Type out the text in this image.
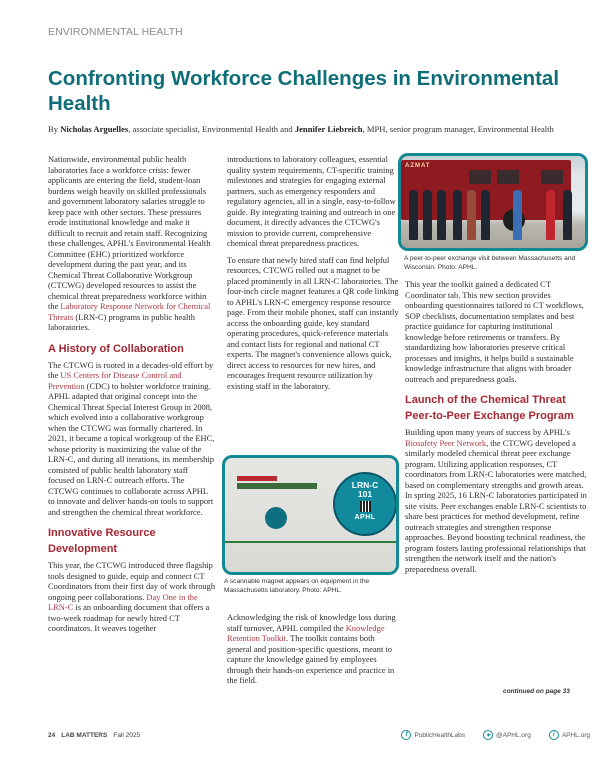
ENVIRONMENTAL HEALTH
Confronting Workforce Challenges in Environmental Health
By Nicholas Arguelles, associate specialist, Environmental Health and Jennifer Liebreich, MPH, senior program manager, Environmental Health

Nationwide, environmental public health laboratories face a workforce crisis: fewer applicants are entering the field, student-loan burdens weigh heavily on skilled professionals and government laboratory salaries struggle to keep pace with other sectors. These pressures erode institutional knowledge and make it difficult to recruit and retain staff. Recognizing these challenges, APHL's Environmental Health Committee (EHC) prioritized workforce development during the past year, and its Chemical Threat Collaborative Workgroup (CTCWG) developed resources to assist the chemical threat preparedness workforce within the Laboratory Response Network for Chemical Threats (LRN-C) programs in public health laboratories.

A History of Collaboration

The CTCWG is rooted in a decades-old effort by the US Centers for Disease Control and Prevention (CDC) to bolster workforce training. APHL adapted that original concept into the Chemical Threat Special Interest Group in 2008, which evolved into a collaborative workgroup when the CTCWG was formally chartered. In 2021, it became a topical workgroup of the EHC, whose priority is maximizing the value of the LRN-C, and during all iterations, its membership consisted of public health laboratory staff focused on LRN-C outreach efforts. The CTCWG continues to collaborate across APHL to innovate and deliver hands-on tools to support and strengthen the chemical threat workforce.

Innovative Resource Development

This year, the CTCWG introduced three flagship tools designed to guide, equip and connect CT Coordinators from their first day of work through ongoing peer collaborations. Day One in the LRN-C is an onboarding document that offers a two-week roadmap for newly hired CT coordinators. It weaves together

introductions to laboratory colleagues, essential quality system requirements, CT-specific training milestones and strategies for engaging external partners, such as emergency responders and regulatory agencies, all in a single, easy-to-follow guide. By integrating training and outreach in one document, it directly advances the CTCWG's mission to provide current, comprehensive chemical threat preparedness practices.

To ensure that newly hired staff can find helpful resources, CTCWG rolled out a magnet to be placed prominently in all LRN-C laboratories. The four-inch circle magnet features a QR code linking to APHL's LRN-C emergency response resource page. From their mobile phones, staff can instantly access the onboarding guide, key standard operating procedures, quick-reference materials and contact lists for regional and national CT experts. The magnet's convenience allows quick, direct access to resources for new hires, and encourages frequent resource utilization by existing staff in the laboratory.

LRN-C 101
APHL
A scannable magnet appears on equipment in the Massachusetts laboratory. Photo: APHL.

Acknowledging the risk of knowledge loss during staff turnover, APHL compiled the Knowledge Retention Toolkit. The toolkit contains both general and position-specific questions, meant to capture the knowledge gained by employees through their hands-on experience and practice in the field.

AZMAT
A peer-to-peer exchange visit between Massachusetts and Wisconsin. Photo: APHL.

This year the toolkit gained a dedicated CT Coordinator tab. This new section provides onboarding questionnaires tailored to CT workflows, SOP checklists, documentation templates and best practice guidance for capturing institutional knowledge before retirements or transfers. By standardizing how laboratories preserve critical processes and insights, it helps build a sustainable knowledge infrastructure that aligns with broader outreach and preparedness goals.

Launch of the Chemical Threat Peer-to-Peer Exchange Program

Building upon many years of success by APHL's Biosafety Peer Network, the CTCWG developed a similarly modeled chemical threat peer exchange program. Utilizing application responses, CT coordinators from LRN-C laboratories were matched, based on complementary strengths and growth areas. In spring 2025, 16 LRN-C laboratories participated in site visits. Peer exchanges enable LRN-C scientists to share best practices for method development, refine outreach strategies and strengthen response approaches. Beyond boosting technical readiness, the program fosters lasting professional relationships that strengthen the network itself and the nation's preparedness overall.

continued on page 33
24 LAB MATTERS Fall 2025	f	PublicHealthLabs	✦ @APHL.org	i	APHL.org
